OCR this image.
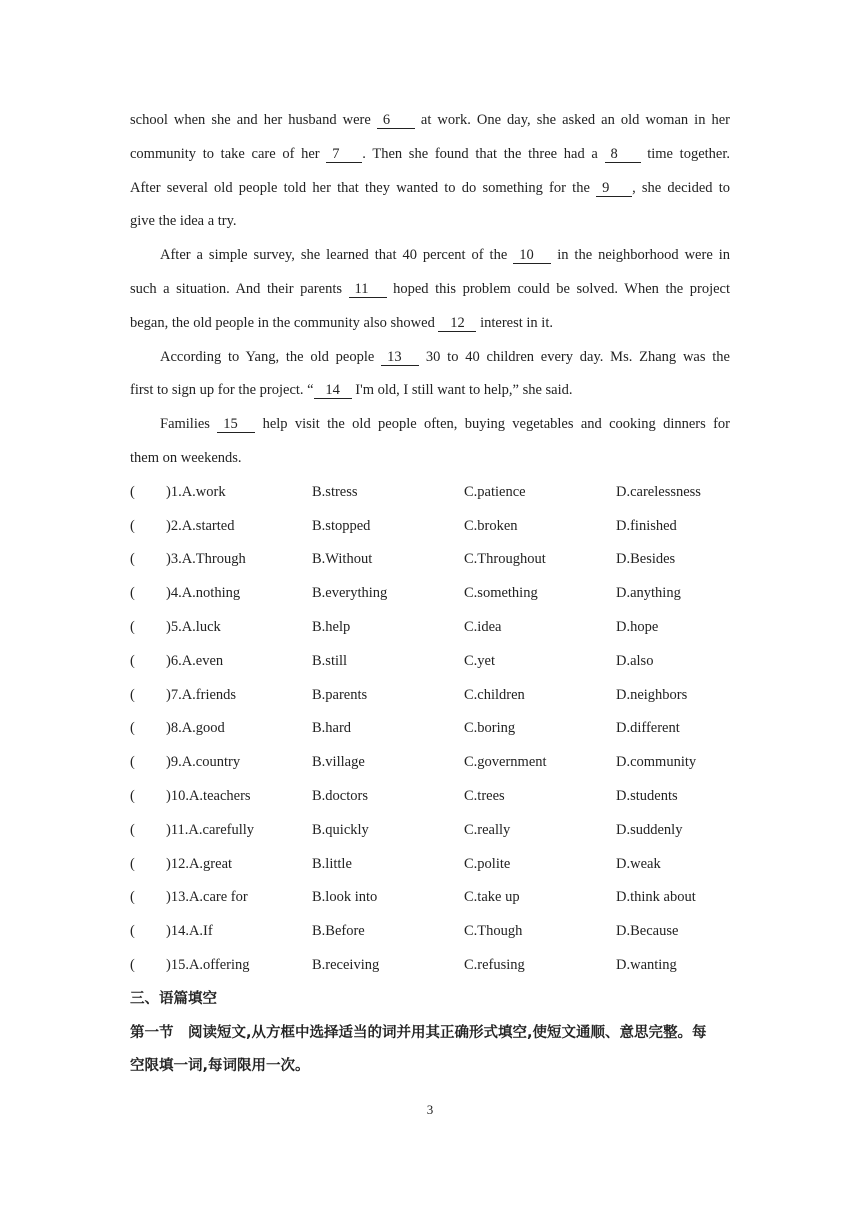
school when she and her husband were 6 at work. One day, she asked an old woman in her
community to take care of her 7 . Then she found that the three had a 8 time together.
After several old people told her that they wanted to do something for the 9 , she decided to
give the idea a try.
After a simple survey, she learned that 40 percent of the 10 in the neighborhood were in
such a situation. And their parents 11 hoped this problem could be solved. When the project
began, the old people in the community also showed 12 interest in it.
According to Yang, the old people 13 30 to 40 children every day. Ms. Zhang was the
first to sign up for the project. “ 14 I'm old, I still want to help,” she said.
Families 15 help visit the old people often, buying vegetables and cooking dinners for
them on weekends.
(	)1.A.work	B.stress	C.patience	D.carelessness
(	)2.A.started	B.stopped	C.broken	D.finished
(	)3.A.Through	B.Without	C.Throughout	D.Besides
(	)4.A.nothing	B.everything	C.something	D.anything
(	)5.A.luck	B.help	C.idea	D.hope
(	)6.A.even	B.still	C.yet	D.also
(	)7.A.friends	B.parents	C.children	D.neighbors
(	)8.A.good	B.hard	C.boring	D.different
(	)9.A.country	B.village	C.government	D.community
(	)10.A.teachers	B.doctors	C.trees	D.students
(	)11.A.carefully	B.quickly	C.really	D.suddenly
(	)12.A.great	B.little	C.polite	D.weak
(	)13.A.care for	B.look into	C.take up	D.think about
(	)14.A.If	B.Before	C.Though	D.Because
(	)15.A.offering	B.receiving	C.refusing	D.wanting
三、语篇填空
第一节　阅读短文,从方框中选择适当的词并用其正确形式填空,使短文通顺、意思完整。每
空限填一词,每词限用一次。
3
